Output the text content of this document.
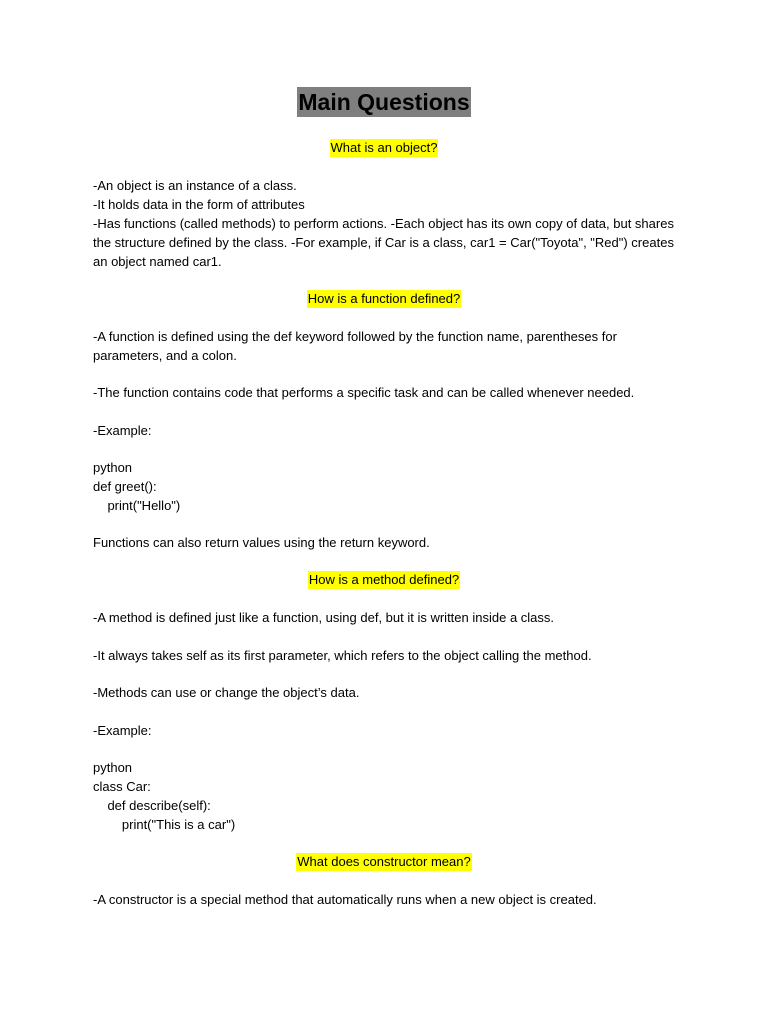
Main Questions
What is an object?
-An object is an instance of a class.
-It holds data in the form of attributes
-Has functions (called methods) to perform actions. -Each object has its own copy of data, but shares
the structure defined by the class. -For example, if Car is a class, car1 = Car("Toyota", "Red") creates
an object named car1.
How is a function defined?
-A function is defined using the def keyword followed by the function name, parentheses for
parameters, and a colon.
-The function contains code that performs a specific task and can be called whenever needed.
-Example:
python
def greet():
print("Hello")
Functions can also return values using the return keyword.
How is a method defined?
-A method is defined just like a function, using def, but it is written inside a class.
-It always takes self as its first parameter, which refers to the object calling the method.
-Methods can use or change the object’s data.
-Example:
python
class Car:
def describe(self):
print("This is a car")
What does constructor mean?
-A constructor is a special method that automatically runs when a new object is created.
